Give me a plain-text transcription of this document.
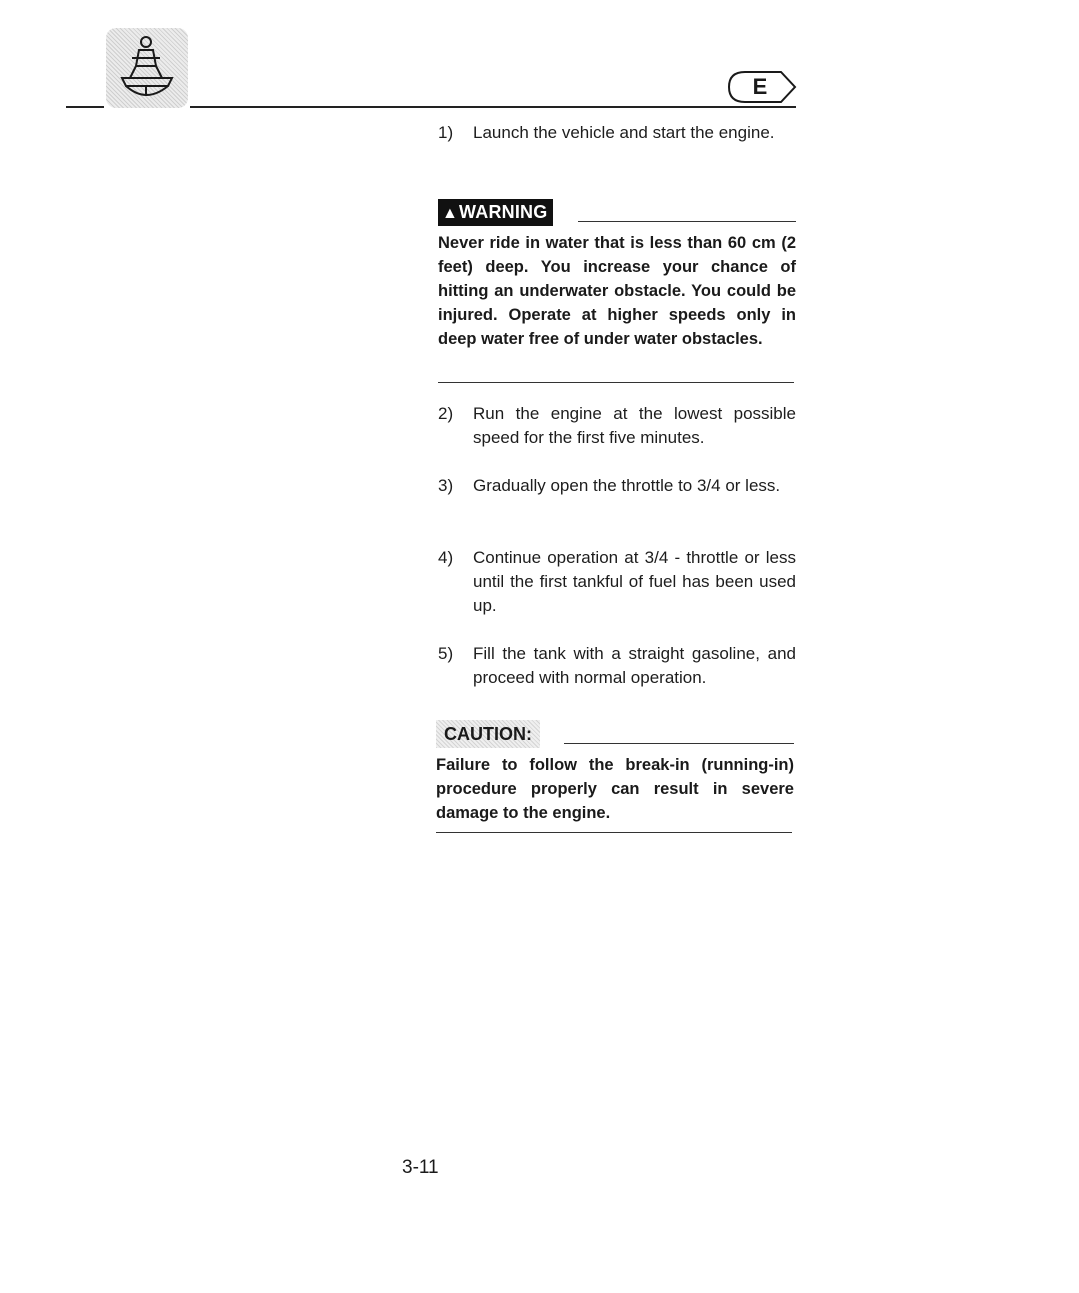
E
1) Launch the vehicle and start the engine.
▲WARNING
Never ride in water that is less than 60 cm (2 feet) deep. You increase your chance of hitting an underwater obstacle. You could be injured. Operate at higher speeds only in deep water free of under water obstacles.
2) Run the engine at the lowest possible speed for the first five minutes.
3) Gradually open the throttle to 3/4 or less.
4) Continue operation at 3/4 - throttle or less until the first tankful of fuel has been used up.
5) Fill the tank with a straight gasoline, and proceed with normal operation.
CAUTION:
Failure to follow the break-in (running-in) procedure properly can result in severe damage to the engine.
3-11
